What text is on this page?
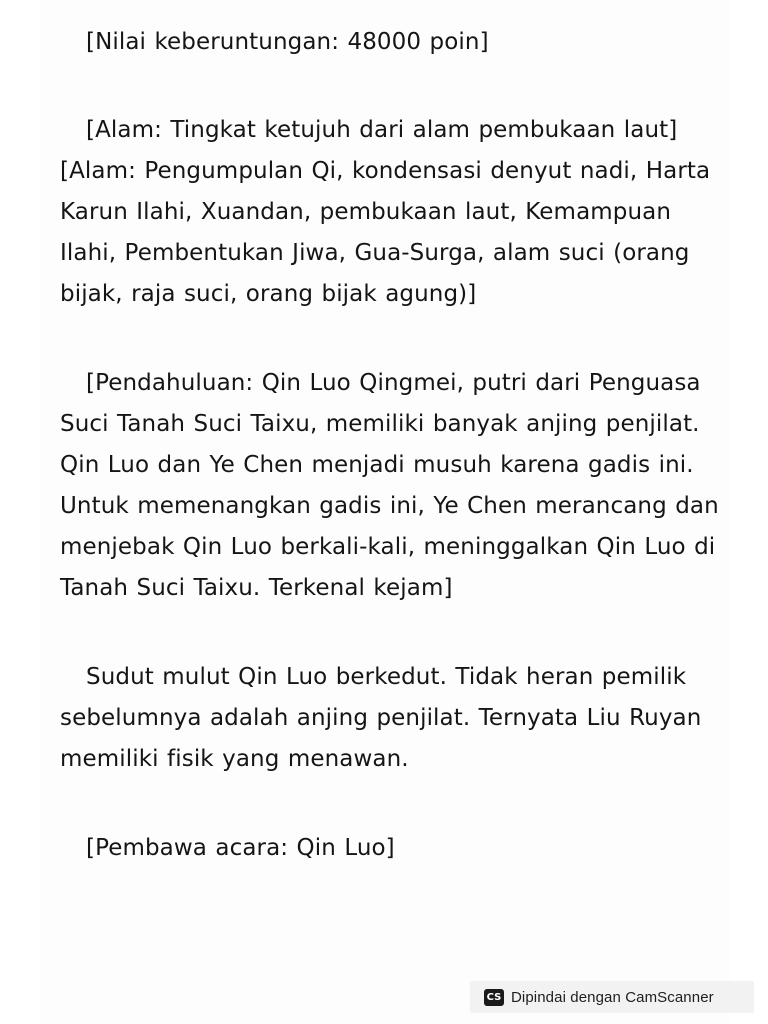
[Nilai keberuntungan: 48000 poin]

[Alam: Tingkat ketujuh dari alam pembukaan laut] [Alam: Pengumpulan Qi, kondensasi denyut nadi, Harta Karun Ilahi, Xuandan, pembukaan laut, Kemampuan Ilahi, Pembentukan Jiwa, Gua-Surga, alam suci (orang bijak, raja suci, orang bijak agung)]

[Pendahuluan: Qin Luo Qingmei, putri dari Penguasa Suci Tanah Suci Taixu, memiliki banyak anjing penjilat. Qin Luo dan Ye Chen menjadi musuh karena gadis ini. Untuk memenangkan gadis ini, Ye Chen merancang dan menjebak Qin Luo berkali-kali, meninggalkan Qin Luo di Tanah Suci Taixu. Terkenal kejam]

Sudut mulut Qin Luo berkedut. Tidak heran pemilik sebelumnya adalah anjing penjilat. Ternyata Liu Ruyan memiliki fisik yang menawan.

[Pembawa acara: Qin Luo]

CS Dipindai dengan CamScanner
